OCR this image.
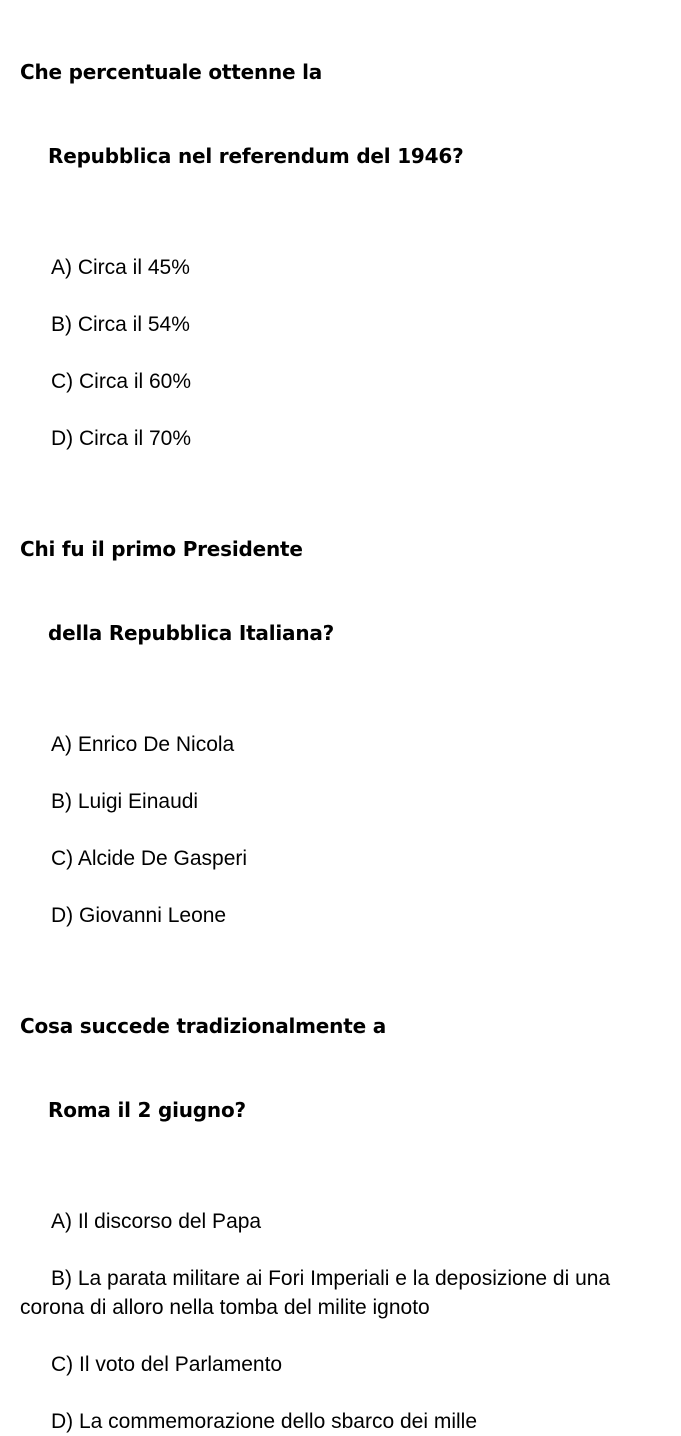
Che percentuale ottenne la

Repubblica nel referendum del 1946?

A) Circa il 45%
B) Circa il 54%
C) Circa il 60%
D) Circa il 70%

Chi fu il primo Presidente

della Repubblica Italiana?

A) Enrico De Nicola
B) Luigi Einaudi
C) Alcide De Gasperi
D) Giovanni Leone

Cosa succede tradizionalmente a

Roma il 2 giugno?

A) Il discorso del Papa
B) La parata militare ai Fori Imperiali e la deposizione di una corona di alloro nella tomba del milite ignoto
C) Il voto del Parlamento
D) La commemorazione dello sbarco dei mille
